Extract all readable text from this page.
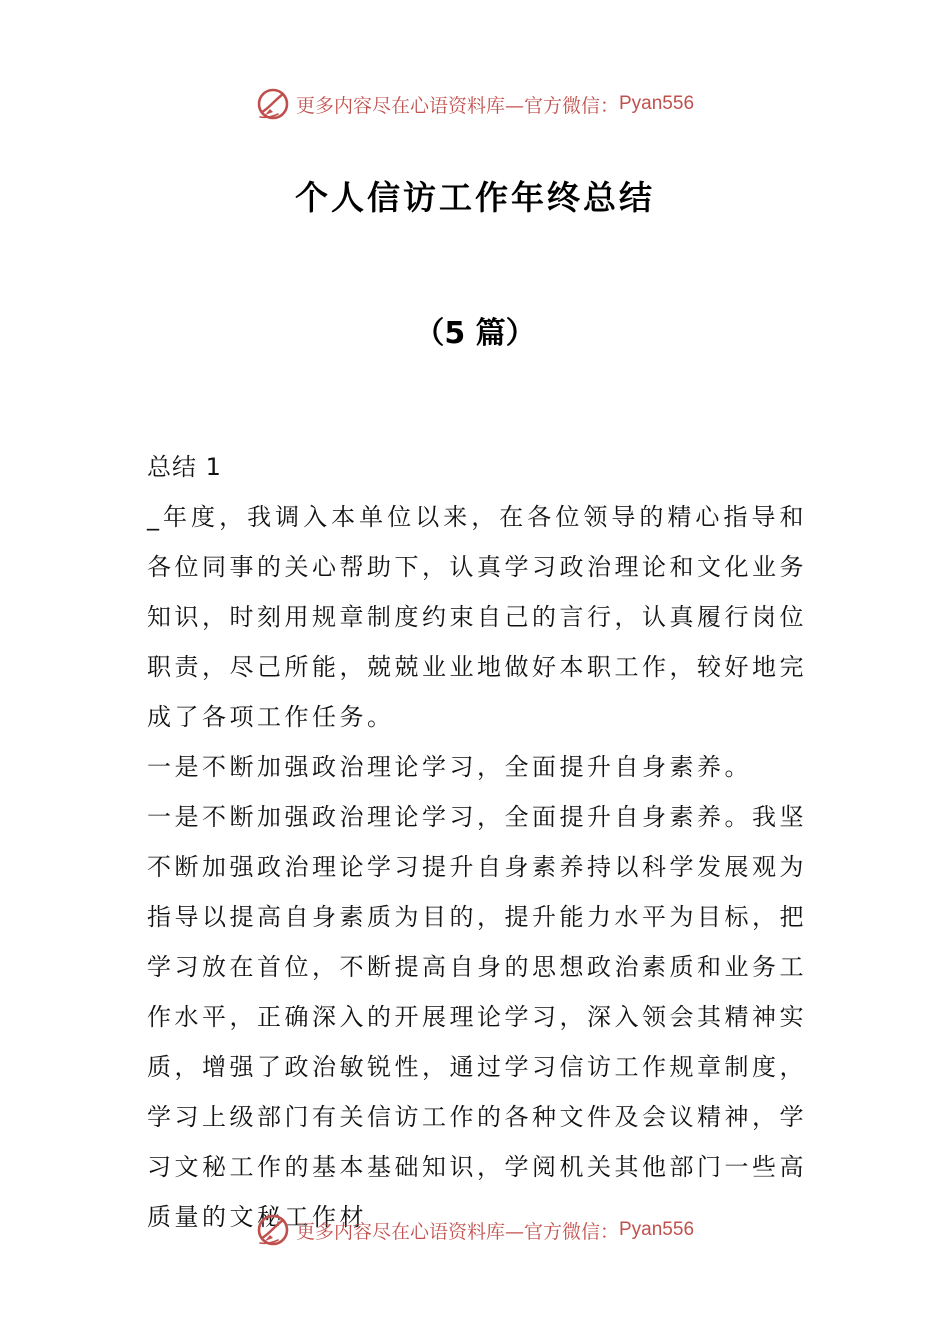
更多内容尽在心语资料库—官方微信： Pyan556
个人信访工作年终总结
（5 篇）

总结 1

_年度，我调入本单位以来，在各位领导的精心指导和各位同事的关心帮助下，认真学习政治理论和文化业务知识，时刻用规章制度约束自己的言行，认真履行岗位职责，尽己所能，兢兢业业地做好本职工作，较好地完成了各项工作任务。

一是不断加强政治理论学习，全面提升自身素养。

一是不断加强政治理论学习，全面提升自身素养。我坚不断加强政治理论学习提升自身素养持以科学发展观为指导以提高自身素质为目的，提升能力水平为目标，把学习放在首位，不断提高自身的思想政治素质和业务工作水平，正确深入的开展理论学习，深入领会其精神实质，增强了政治敏锐性，通过学习信访工作规章制度，学习上级部门有关信访工作的各种文件及会议精神，学习文秘工作的基本基础知识，学阅机关其他部门一些高质量的文秘工作材

更多内容尽在心语资料库—官方微信： Pyan556
